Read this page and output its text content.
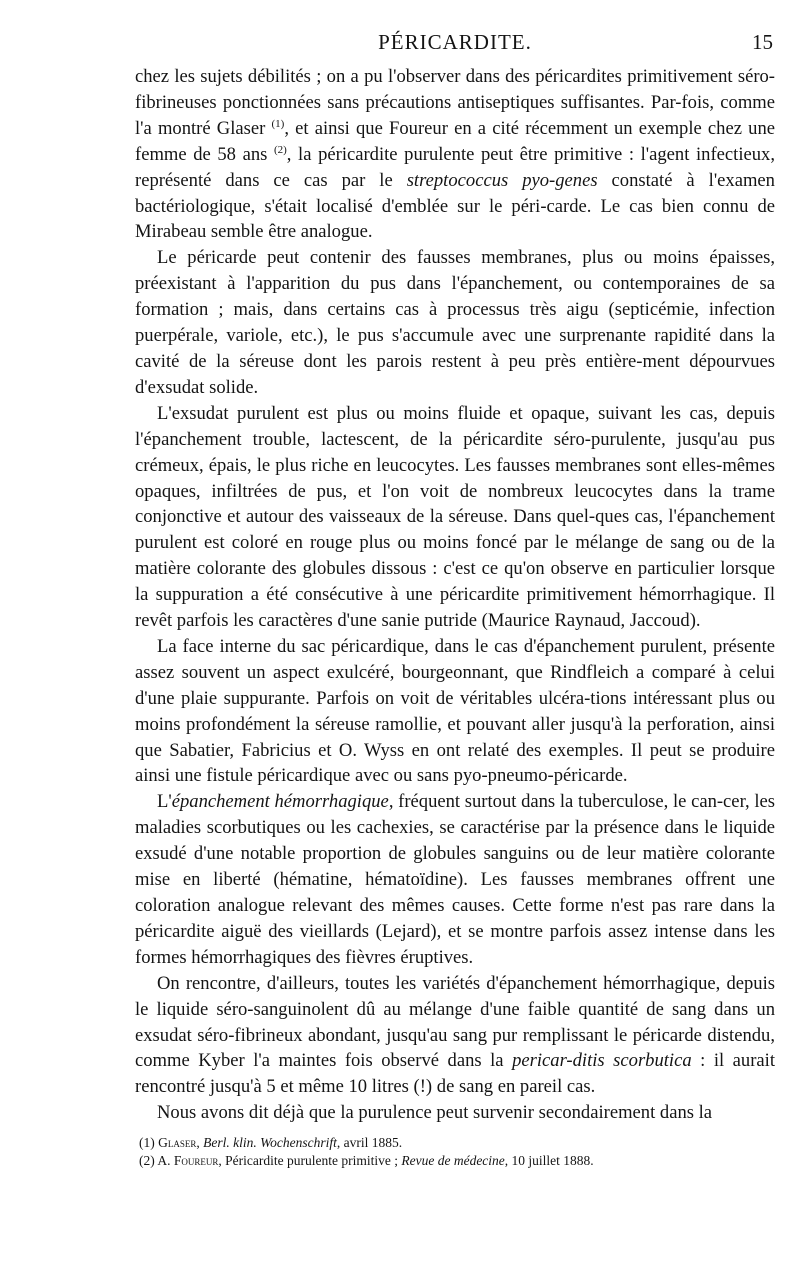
PÉRICARDITE.	15

chez les sujets débilités ; on a pu l'observer dans des péricardites primitivement séro-fibrineuses ponctionnées sans précautions antiseptiques suffisantes. Par-fois, comme l'a montré Glaser $^{(1)}$, et ainsi que Foureur en a cité récemment un exemple chez une femme de 58 ans $^{(2)}$, la péricardite purulente peut être primitive : l'agent infectieux, représenté dans ce cas par le streptococcus pyo-genes constaté à l'examen bactériologique, s'était localisé d'emblée sur le péri-carde. Le cas bien connu de Mirabeau semble être analogue.

Le péricarde peut contenir des fausses membranes, plus ou moins épaisses, préexistant à l'apparition du pus dans l'épanchement, ou contemporaines de sa formation ; mais, dans certains cas à processus très aigu (septicémie, infection puerpérale, variole, etc.), le pus s'accumule avec une surprenante rapidité dans la cavité de la séreuse dont les parois restent à peu près entière-ment dépourvues d'exsudat solide.

L'exsudat purulent est plus ou moins fluide et opaque, suivant les cas, depuis l'épanchement trouble, lactescent, de la péricardite séro-purulente, jusqu'au pus crémeux, épais, le plus riche en leucocytes. Les fausses membranes sont elles-mêmes opaques, infiltrées de pus, et l'on voit de nombreux leucocytes dans la trame conjonctive et autour des vaisseaux de la séreuse. Dans quel-ques cas, l'épanchement purulent est coloré en rouge plus ou moins foncé par le mélange de sang ou de la matière colorante des globules dissous : c'est ce qu'on observe en particulier lorsque la suppuration a été consécutive à une péricardite primitivement hémorrhagique. Il revêt parfois les caractères d'une sanie putride (Maurice Raynaud, Jaccoud).

La face interne du sac péricardique, dans le cas d'épanchement purulent, présente assez souvent un aspect exulcéré, bourgeonnant, que Rindfleich a comparé à celui d'une plaie suppurante. Parfois on voit de véritables ulcéra-tions intéressant plus ou moins profondément la séreuse ramollie, et pouvant aller jusqu'à la perforation, ainsi que Sabatier, Fabricius et O. Wyss en ont relaté des exemples. Il peut se produire ainsi une fistule péricardique avec ou sans pyo-pneumo-péricarde.

L'épanchement hémorrhagique, fréquent surtout dans la tuberculose, le can-cer, les maladies scorbutiques ou les cachexies, se caractérise par la présence dans le liquide exsudé d'une notable proportion de globules sanguins ou de leur matière colorante mise en liberté (hématine, hématoïdine). Les fausses membranes offrent une coloration analogue relevant des mêmes causes. Cette forme n'est pas rare dans la péricardite aiguë des vieillards (Lejard), et se montre parfois assez intense dans les formes hémorrhagiques des fièvres éruptives.

On rencontre, d'ailleurs, toutes les variétés d'épanchement hémorrhagique, depuis le liquide séro-sanguinolent dû au mélange d'une faible quantité de sang dans un exsudat séro-fibrineux abondant, jusqu'au sang pur remplissant le péricarde distendu, comme Kyber l'a maintes fois observé dans la pericar-ditis scorbutica : il aurait rencontré jusqu'à 5 et même 10 litres (!) de sang en pareil cas.

Nous avons dit déjà que la purulence peut survenir secondairement dans la

(1) Glaser, Berl. klin. Wochenschrift, avril 1885.
(2) A. Foureur, Péricardite purulente primitive ; Revue de médecine, 10 juillet 1888.
